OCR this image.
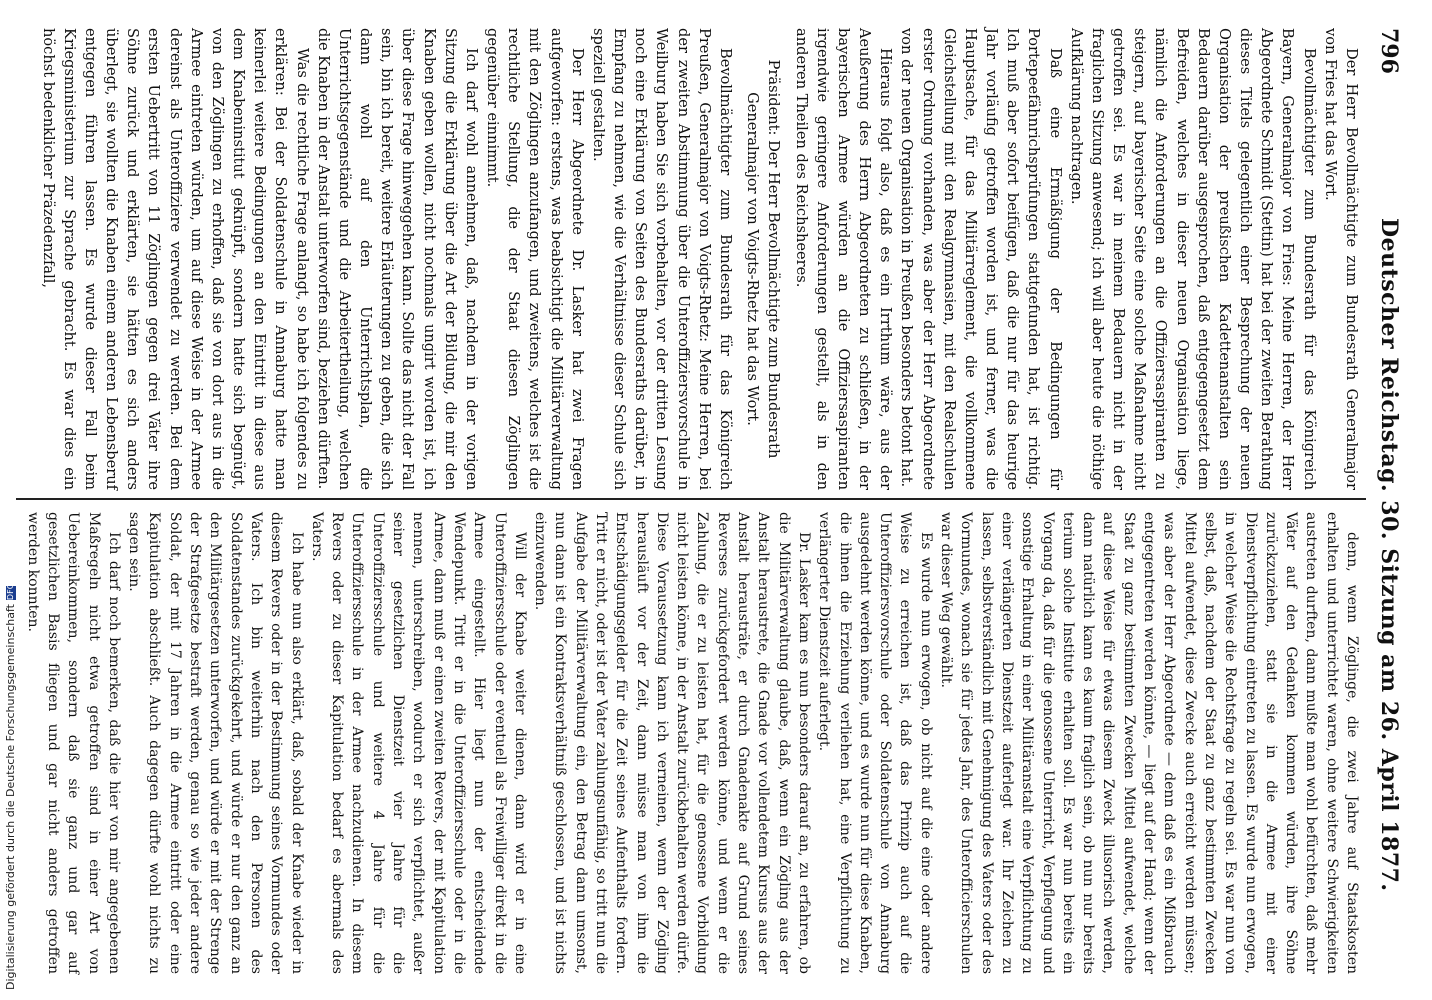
796
Deutscher Reichstag. 30. Sitzung am 26. April 1877.

Der Herr Bevollmächtigte zum Bundesrath Generalmajor von Fries hat das Wort.

Bevollmächtigter zum Bundesrath für das Königreich Bayern, Generalmajor von Fries: Meine Herren, der Herr Abgeordnete Schmidt (Stettin) hat bei der zweiten Berathung dieses Titels gelegentlich einer Besprechung der neuen Organisation der preußischen Kadettenanstalten sein Bedauern darüber ausgesprochen, daß entgegengesetzt dem Befreiden, welches in dieser neuen Organisation liege, nämlich die Anforderungen an die Offiziersaspiranten zu steigern, auf bayerischer Seite eine solche Maßnahme nicht getroffen sei. Es war in meinem Bedauern nicht in der fraglichen Sitzung anwesend; ich will aber heute die nöthige Aufklärung nachtragen.

Daß eine Ermäßigung der Bedingungen für Portepeefähnrichsprüfungen stattgefunden hat, ist richtig. Ich muß aber sofort beifügen, daß die nur für das heurige Jahr vorläufig getroffen worden ist, und ferner, was die Hauptsache, für das Militärreglement, die vollkommene Gleichstellung mit den Realgymnasien, mit den Realschulen erster Ordnung vorhanden, was aber der Herr Abgeordnete von der neuen Organisation in Preußen besonders betont hat.

Hieraus folgt also, daß es ein Irrthum wäre, aus der Aeußerung des Herrn Abgeordneten zu schließen, in der bayerischen Armee würden an die Offiziersaspiranten irgendwie geringere Anforderungen gestellt, als in den anderen Theilen des Reichsheeres.

Präsident: Der Herr Bevollmächtigte zum Bundesrath Generalmajor von Voigts-Rhetz hat das Wort.

Bevollmächtigter zum Bundesrath für das Königreich Preußen, Generalmajor von Voigts-Rhetz: Meine Herren, bei der zweiten Abstimmung über die Unteroffiziersvorschule in Weilburg haben Sie sich vorbehalten, vor der dritten Lesung noch eine Erklärung von Seiten des Bundesraths darüber, in Empfang zu nehmen, wie die Verhältnisse dieser Schule sich speziell gestalten.

Der Herr Abgeordnete Dr. Lasker hat zwei Fragen aufgeworfen: erstens, was beabsichtigt die Militärverwaltung mit den Zöglingen anzufangen, und zweitens, welches ist die rechtliche Stellung, die der Staat diesen Zöglingen gegenüber einnimmt.

Ich darf wohl annehmen, daß, nachdem in der vorigen Sitzung die Erklärung über die Art der Bildung, die mir den Knaben geben wollen, nicht nochmals ungirt worden ist, ich über diese Frage hinweggehen kann. Sollte das nicht der Fall sein, bin ich bereit, weitere Erläuterungen zu geben, die sich dann wohl auf den Unterrichtsplan, die Unterrichtsgegenstände und die Arbeitertheilung, welchen die Knaben in der Anstalt unterworfen sind, beziehen dürften.

Was die rechtliche Frage anlangt, so habe ich folgendes zu erklären: Bei der Soldatenschule in Annaburg hatte man keinerlei weitere Bedingungen an den Eintritt in diese aus dem Knabeninstitut geknüpft, sondern hatte sich begnügt, von den Zöglingen zu erhoffen, daß sie von dort aus in die Armee eintreten würden, um auf diese Weise in der Armee dereinst als Unteroffiziere verwendet zu werden. Bei dem ersten Uebertritt von 11 Zöglingen gegen drei Väter ihre Söhne zurück und erklärten, sie hätten es sich anders überlegt, sie wollten die Knaben einem anderen Lebensberuf entgegen führen lassen. Es wurde dieser Fall beim Kriegsministerium zur Sprache gebracht. Es war dies ein höchst bedenklicher Präzedenzfall,

denn, wenn Zöglinge, die zwei Jahre auf Staatskosten erhalten und unterrichtet waren, ohne weitere Schwierigkeiten austreten durften, dann mußte man wohl befürchten, daß mehr Väter auf den Gedanken kommen würden, ihre Söhne zurückzuziehen, statt sie in die Armee mit einer Dienstverpflichtung eintreten zu lassen. Es wurde nun erwogen, in welcher Weise die Rechtsfrage zu regeln sei. Es war nun von selbst, daß, nachdem der Staat zu ganz bestimmten Zwecken Mittel aufwendet, diese Zwecke auch erreicht werden müssen; was aber der Herr Abgeordnete — denn daß es ein Mißbrauch entgegentreten werden könnte, — liegt auf der Hand; wenn der Staat zu ganz bestimmten Zwecken Mittel aufwendet, welche auf diese Weise für etwas diesem Zweck illusorisch werden, dann natürlich kann es kaum fraglich sein, ob nun nur bereits terium solche Institute erhalten soll. Es war nun bereits ein Vorgang da, daß für die genossene Unterricht, Verpflegung und sonstige Erhaltung in einer Militäranstalt eine Verpflichtung zu einer verlängerten Dienstzeit auferlegt war. Ihr Zeichen zu lassen, selbstverständlich mit Genehmigung des Vaters oder des Vormundes, wonach sie für jedes Jahr, des Unterofficierschulen war dieser Weg gewählt.

Es wurde nun erwogen, ob nicht auf die eine oder andere Weise zu erreichen ist, daß das Prinzip auch auf die Unteroffiziersvorschule oder Soldatenschule von Annaburg ausgedehnt werden könne, und es wurde nun für diese Knaben, die ihnen die Erziehung verliehen hat, eine Verpflichtung zu verlängerter Dienstzeit auferlegt.

Dr. Lasker kam es nun besonders darauf an, zu erfahren, ob die Militärverwaltung glaube, daß, wenn ein Zögling aus der Anstalt heraustrete, die Gnade vor vollendetem Kursus aus der Anstalt herausträte, er durch Gnadenakte auf Grund seines Reverses zurückgefordert werden könne, und wenn er die Zahlung, die er zu leisten hat, für die genossene Vorbildung nicht leisten könne, in der Anstalt zurückbehalten werden dürfe. Diese Voraussetzung kann ich verneinen, wenn der Zögling herausläuft vor der Zeit, dann müsse man von ihm die Entschädigungsgelder für die Zeit seines Aufenthalts fordern. Tritt er nicht, oder ist der Vater zahlungsunfähig, so tritt nun die Aufgabe der Militärverwaltung ein, den Betrag dann umsonst, nun dann ist ein Kontraktsverhältniß geschlossen, und ist nichts einzuwenden.

Will der Knabe weiter dienen, dann wird er in eine Unteroffiziersschule oder eventuell als Freiwilliger direkt in die Armee eingestellt. Hier liegt nun der entscheidende Wendepunkt. Tritt er in die Unteroffiziersschule oder in die Armee, dann muß er einen zweiten Revers, der mit Kapitulation nennen, unterschreiben, wodurch er sich verpflichtet, außer seiner gesetzlichen Dienstzeit vier Jahre für die Unteroffiziersschule und weitere 4 Jahre für die Unteroffiziersschule in der Armee nachzudienen. In diesem Revers oder zu dieser Kapitulation bedarf es abermals des Vaters.

Ich habe nun also erklärt, daß, sobald der Knabe wieder in diesem Revers oder in der Bestimmung seines Vormundes oder Vaters. Ich bin weiterhin nach den Personen des Soldatenstandes zurückgekehrt, und würde er nur den ganz an den Militärgesetzen unterworfen, und würde er mit der Strenge der Strafgesetze bestraft werden, genau so wie jeder andere Soldat, der mit 17 Jahren in die Armee eintritt oder eine Kapitulation abschließt. Auch dagegen dürfte wohl nichts zu sagen sein.

Ich darf noch bemerken, daß die hier von mir angegebenen Maßregeln nicht etwa getroffen sind in einer Art von Uebereinkommen, sondern daß sie ganz und gar auf gesetzlichen Basis fliegen und gar nicht anders getroffen werden konnten.

Digitalisierung gefördert durch die Deutsche ForschungsgemeinschaftDFG
